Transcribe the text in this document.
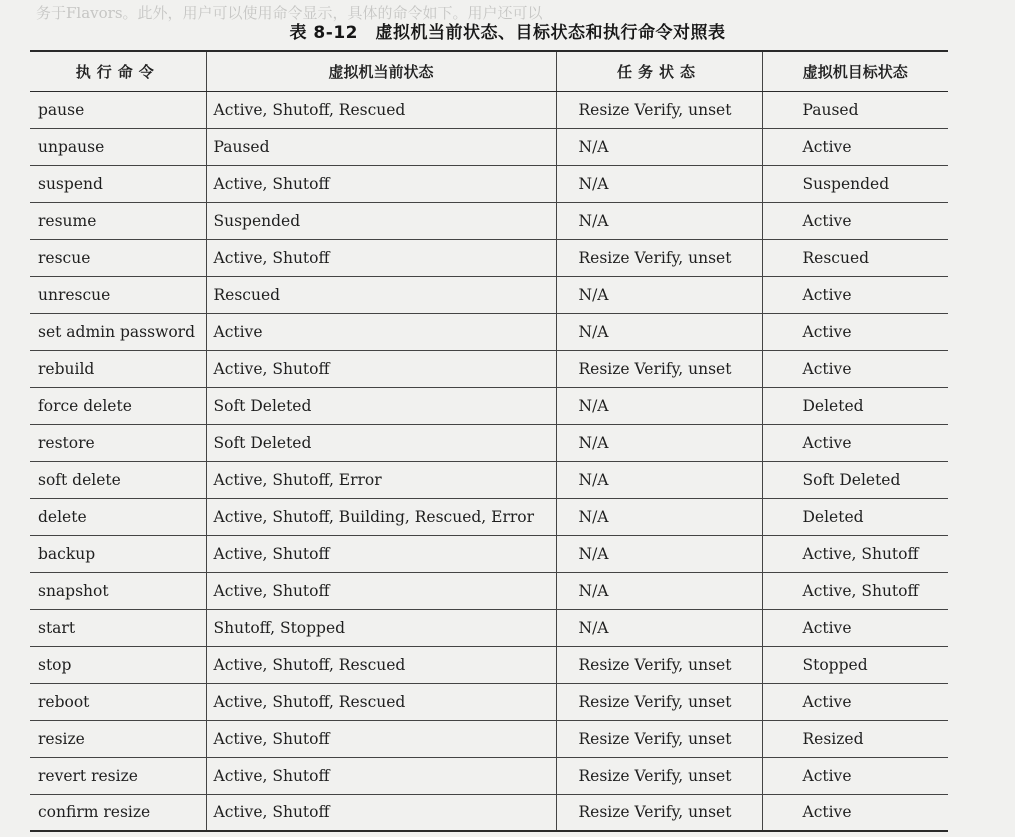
务于Flavors。此外，用户可以使用命令显示，具体的命令如下。用户还可以
表 8-12　虚拟机当前状态、目标状态和执行命令对照表
执行命令	虚拟机当前状态	任务状态	虚拟机目标状态
pause	Active, Shutoff, Rescued	Resize Verify, unset	Paused
unpause	Paused	N/A	Active
suspend	Active, Shutoff	N/A	Suspended
resume	Suspended	N/A	Active
rescue	Active, Shutoff	Resize Verify, unset	Rescued
unrescue	Rescued	N/A	Active
set admin password	Active	N/A	Active
rebuild	Active, Shutoff	Resize Verify, unset	Active
force delete	Soft Deleted	N/A	Deleted
restore	Soft Deleted	N/A	Active
soft delete	Active, Shutoff, Error	N/A	Soft Deleted
delete	Active, Shutoff, Building, Rescued, Error	N/A	Deleted
backup	Active, Shutoff	N/A	Active, Shutoff
snapshot	Active, Shutoff	N/A	Active, Shutoff
start	Shutoff, Stopped	N/A	Active
stop	Active, Shutoff, Rescued	Resize Verify, unset	Stopped
reboot	Active, Shutoff, Rescued	Resize Verify, unset	Active
resize	Active, Shutoff	Resize Verify, unset	Resized
revert resize	Active, Shutoff	Resize Verify, unset	Active
confirm resize	Active, Shutoff	Resize Verify, unset	Active
